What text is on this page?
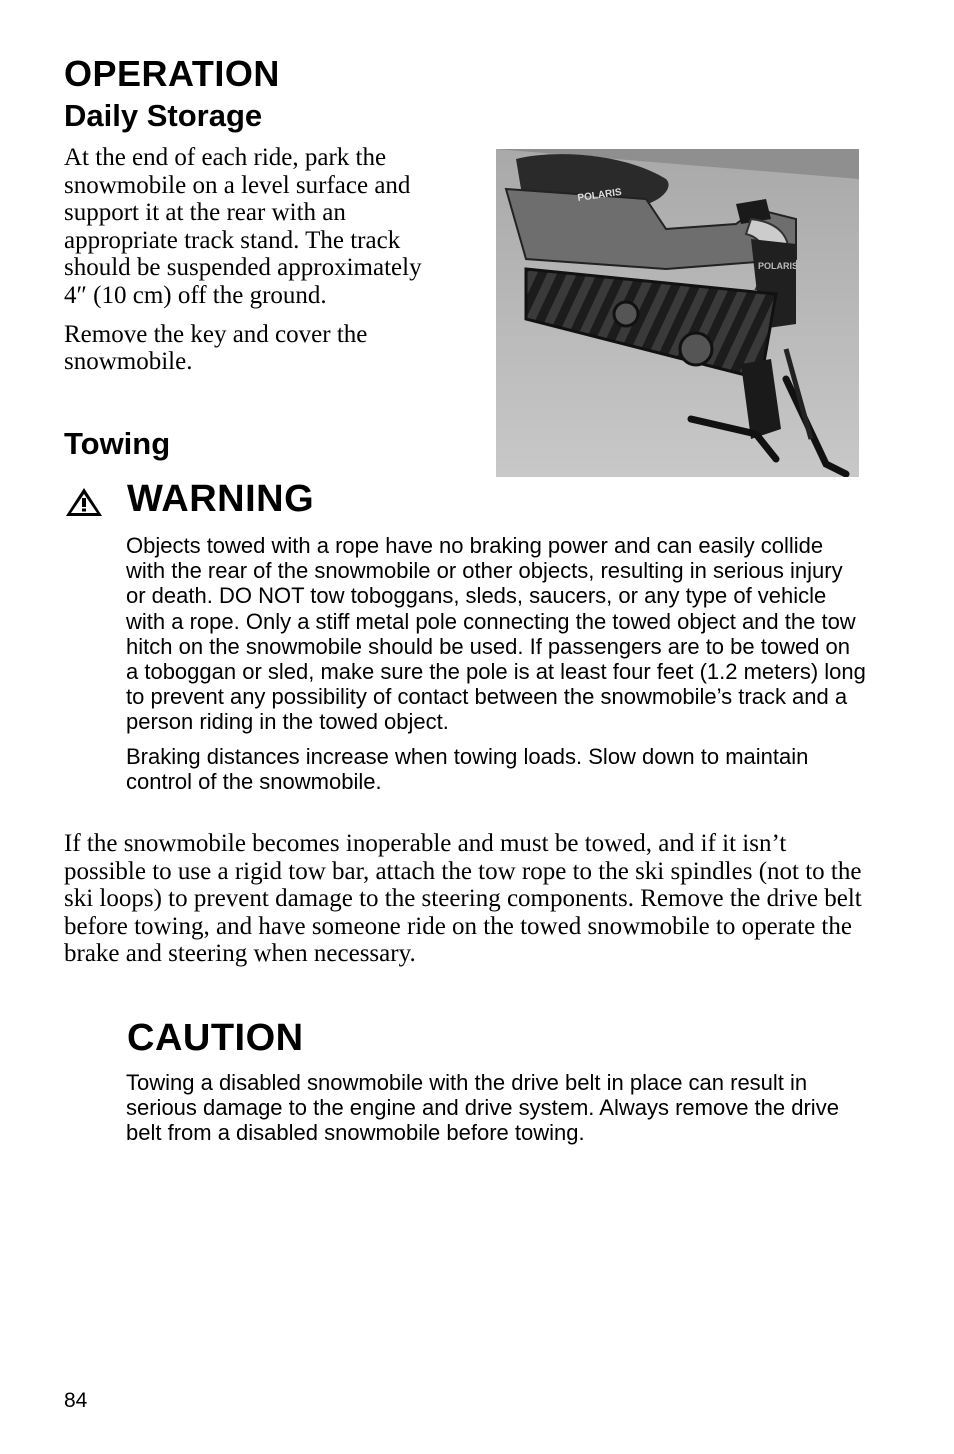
OPERATION
Daily Storage

At the end of each ride, park the snowmobile on a level surface and support it at the rear with an appropriate track stand. The track should be suspended approximately 4″ (10 cm) off the ground.

Remove the key and cover the snowmobile.

POLARIS
POLARIS
Towing
WARNING

Objects towed with a rope have no braking power and can easily collide with the rear of the snowmobile or other objects, resulting in serious injury or death. DO NOT tow toboggans, sleds, saucers, or any type of vehicle with a rope. Only a stiff metal pole connecting the towed object and the tow hitch on the snowmobile should be used. If passengers are to be towed on a toboggan or sled, make sure the pole is at least four feet (1.2 meters) long to prevent any possibility of contact between the snowmobile’s track and a person riding in the towed object.

Braking distances increase when towing loads. Slow down to maintain control of the snowmobile.

If the snowmobile becomes inoperable and must be towed, and if it isn’t possible to use a rigid tow bar, attach the tow rope to the ski spindles (not to the ski loops) to prevent damage to the steering components. Remove the drive belt before towing, and have someone ride on the towed snowmobile to operate the brake and steering when necessary.

CAUTION

Towing a disabled snowmobile with the drive belt in place can result in serious damage to the engine and drive system. Always remove the drive belt from a disabled snowmobile before towing.

84
